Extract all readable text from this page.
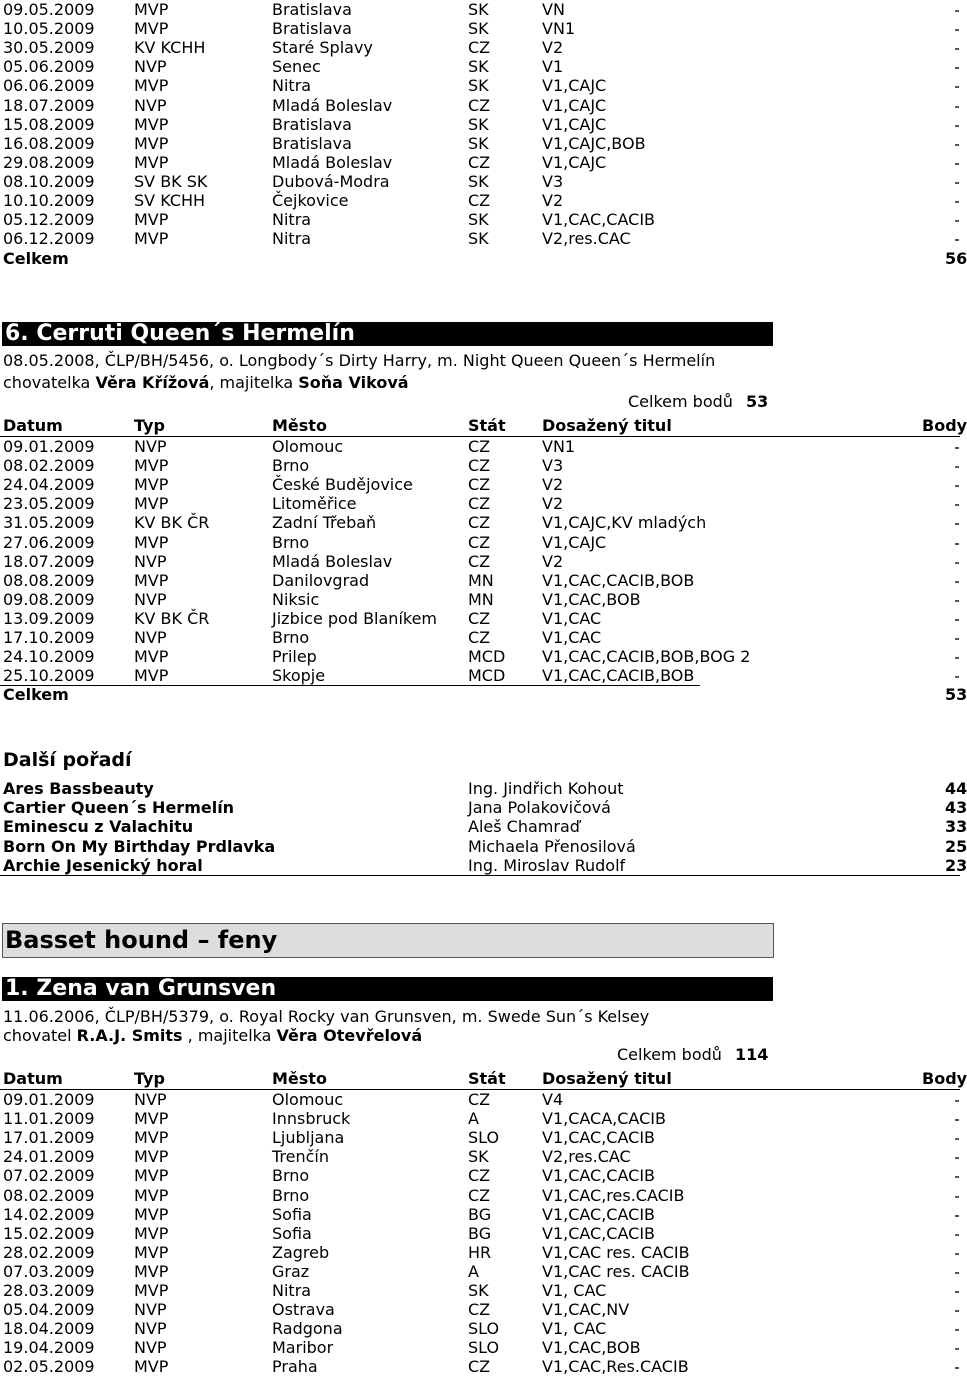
09.05.2009 MVP	Bratislava	SK	VN
10.05.2009 MVP	Bratislava	SK	VN1
30.05.2009 KV KCHH	Staré Splavy	CZ	V2
05.06.2009 NVP	Senec	SK	V1
06.06.2009 MVP	Nitra	SK	V1,CAJC
18.07.2009 NVP	Mladá Boleslav	CZ	V1,CAJC
15.08.2009 MVP	Bratislava	SK	V1,CAJC
16.08.2009 MVP	Bratislava	SK	V1,CAJC,BOB
29.08.2009 MVP	Mladá Boleslav	CZ	V1,CAJC
08.10.2009 SV BK SK	Dubová-Modra	SK	V3
10.10.2009 SV KCHH	Čejkovice	CZ	V2
05.12.2009 MVP	Nitra	SK	V1,CAC,CACIB
06.12.2009 MVP	Nitra	SK	V2,res.CAC
Celkem	56
6. Cerruti Queen´s Hermelín
08.05.2008, ČLP/BH/5456, o. Longbody´s Dirty Harry, m. Night Queen Queen´s Hermelín
chovatelka Věra Křížová, majitelka Soňa Viková
Celkem bodů 53
Datum	Typ	Město	Stát Dosažený titul	Body
09.01.2009 NVP	Olomouc	CZ	VN1
08.02.2009 MVP	Brno	CZ	V3
24.04.2009 MVP	České Budějovice	CZ	V2
23.05.2009 MVP	Litoměřice	CZ	V2
31.05.2009 KV BK ČR	Zadní Třebaň	CZ	V1,CAJC,KV mladých
27.06.2009 MVP	Brno	CZ	V1,CAJC
18.07.2009 NVP	Mladá Boleslav	CZ	V2
08.08.2009 MVP	Danilovgrad	MN	V1,CAC,CACIB,BOB
09.08.2009 NVP	Niksic	MN	V1,CAC,BOB
13.09.2009 KV BK ČR	Jizbice pod Blaníkem CZ	V1,CAC
17.10.2009 NVP	Brno	CZ	V1,CAC
24.10.2009 MVP	Prilep	MCD V1,CAC,CACIB,BOB,BOG 2
25.10.2009 MVP	Skopje	MCD V1,CAC,CACIB,BOB
Celkem	53
Další pořadí
Ares Bassbeauty	Ing. Jindřich Kohout	44
Cartier Queen´s Hermelín	Jana Polakovičová	43
Eminescu z Valachitu	Aleš Chamraď	33
Born On My Birthday Prdlavka	Michaela Přenosilová	25
Archie Jesenický horal	Ing. Miroslav Rudolf	23
Basset hound – feny
1. Zena van Grunsven
11.06.2006, ČLP/BH/5379, o. Royal Rocky van Grunsven, m. Swede Sun´s Kelsey
chovatel R.A.J. Smits , majitelka Věra Otevřelová
Celkem bodů 114
Datum	Typ	Město	Stát Dosažený titul	Body
09.01.2009 NVP	Olomouc	CZ	V4
11.01.2009 MVP	Innsbruck	A	V1,CACA,CACIB
17.01.2009 MVP	Ljubljana	SLO	V1,CAC,CACIB
24.01.2009 MVP	Trenčín	SK	V2,res.CAC
07.02.2009 MVP	Brno	CZ	V1,CAC,CACIB
08.02.2009 MVP	Brno	CZ	V1,CAC,res.CACIB
14.02.2009 MVP	Sofia	BG	V1,CAC,CACIB
15.02.2009 MVP	Sofia	BG	V1,CAC,CACIB
28.02.2009 MVP	Zagreb	HR	V1,CAC res. CACIB
07.03.2009 MVP	Graz	A	V1,CAC res. CACIB
28.03.2009 MVP	Nitra	SK	V1, CAC
05.04.2009 NVP	Ostrava	CZ	V1,CAC,NV
18.04.2009 NVP	Radgona	SLO	V1, CAC
19.04.2009 NVP	Maribor	SLO	V1,CAC,BOB
02.05.2009 MVP	Praha	CZ	V1,CAC,Res.CACIB
